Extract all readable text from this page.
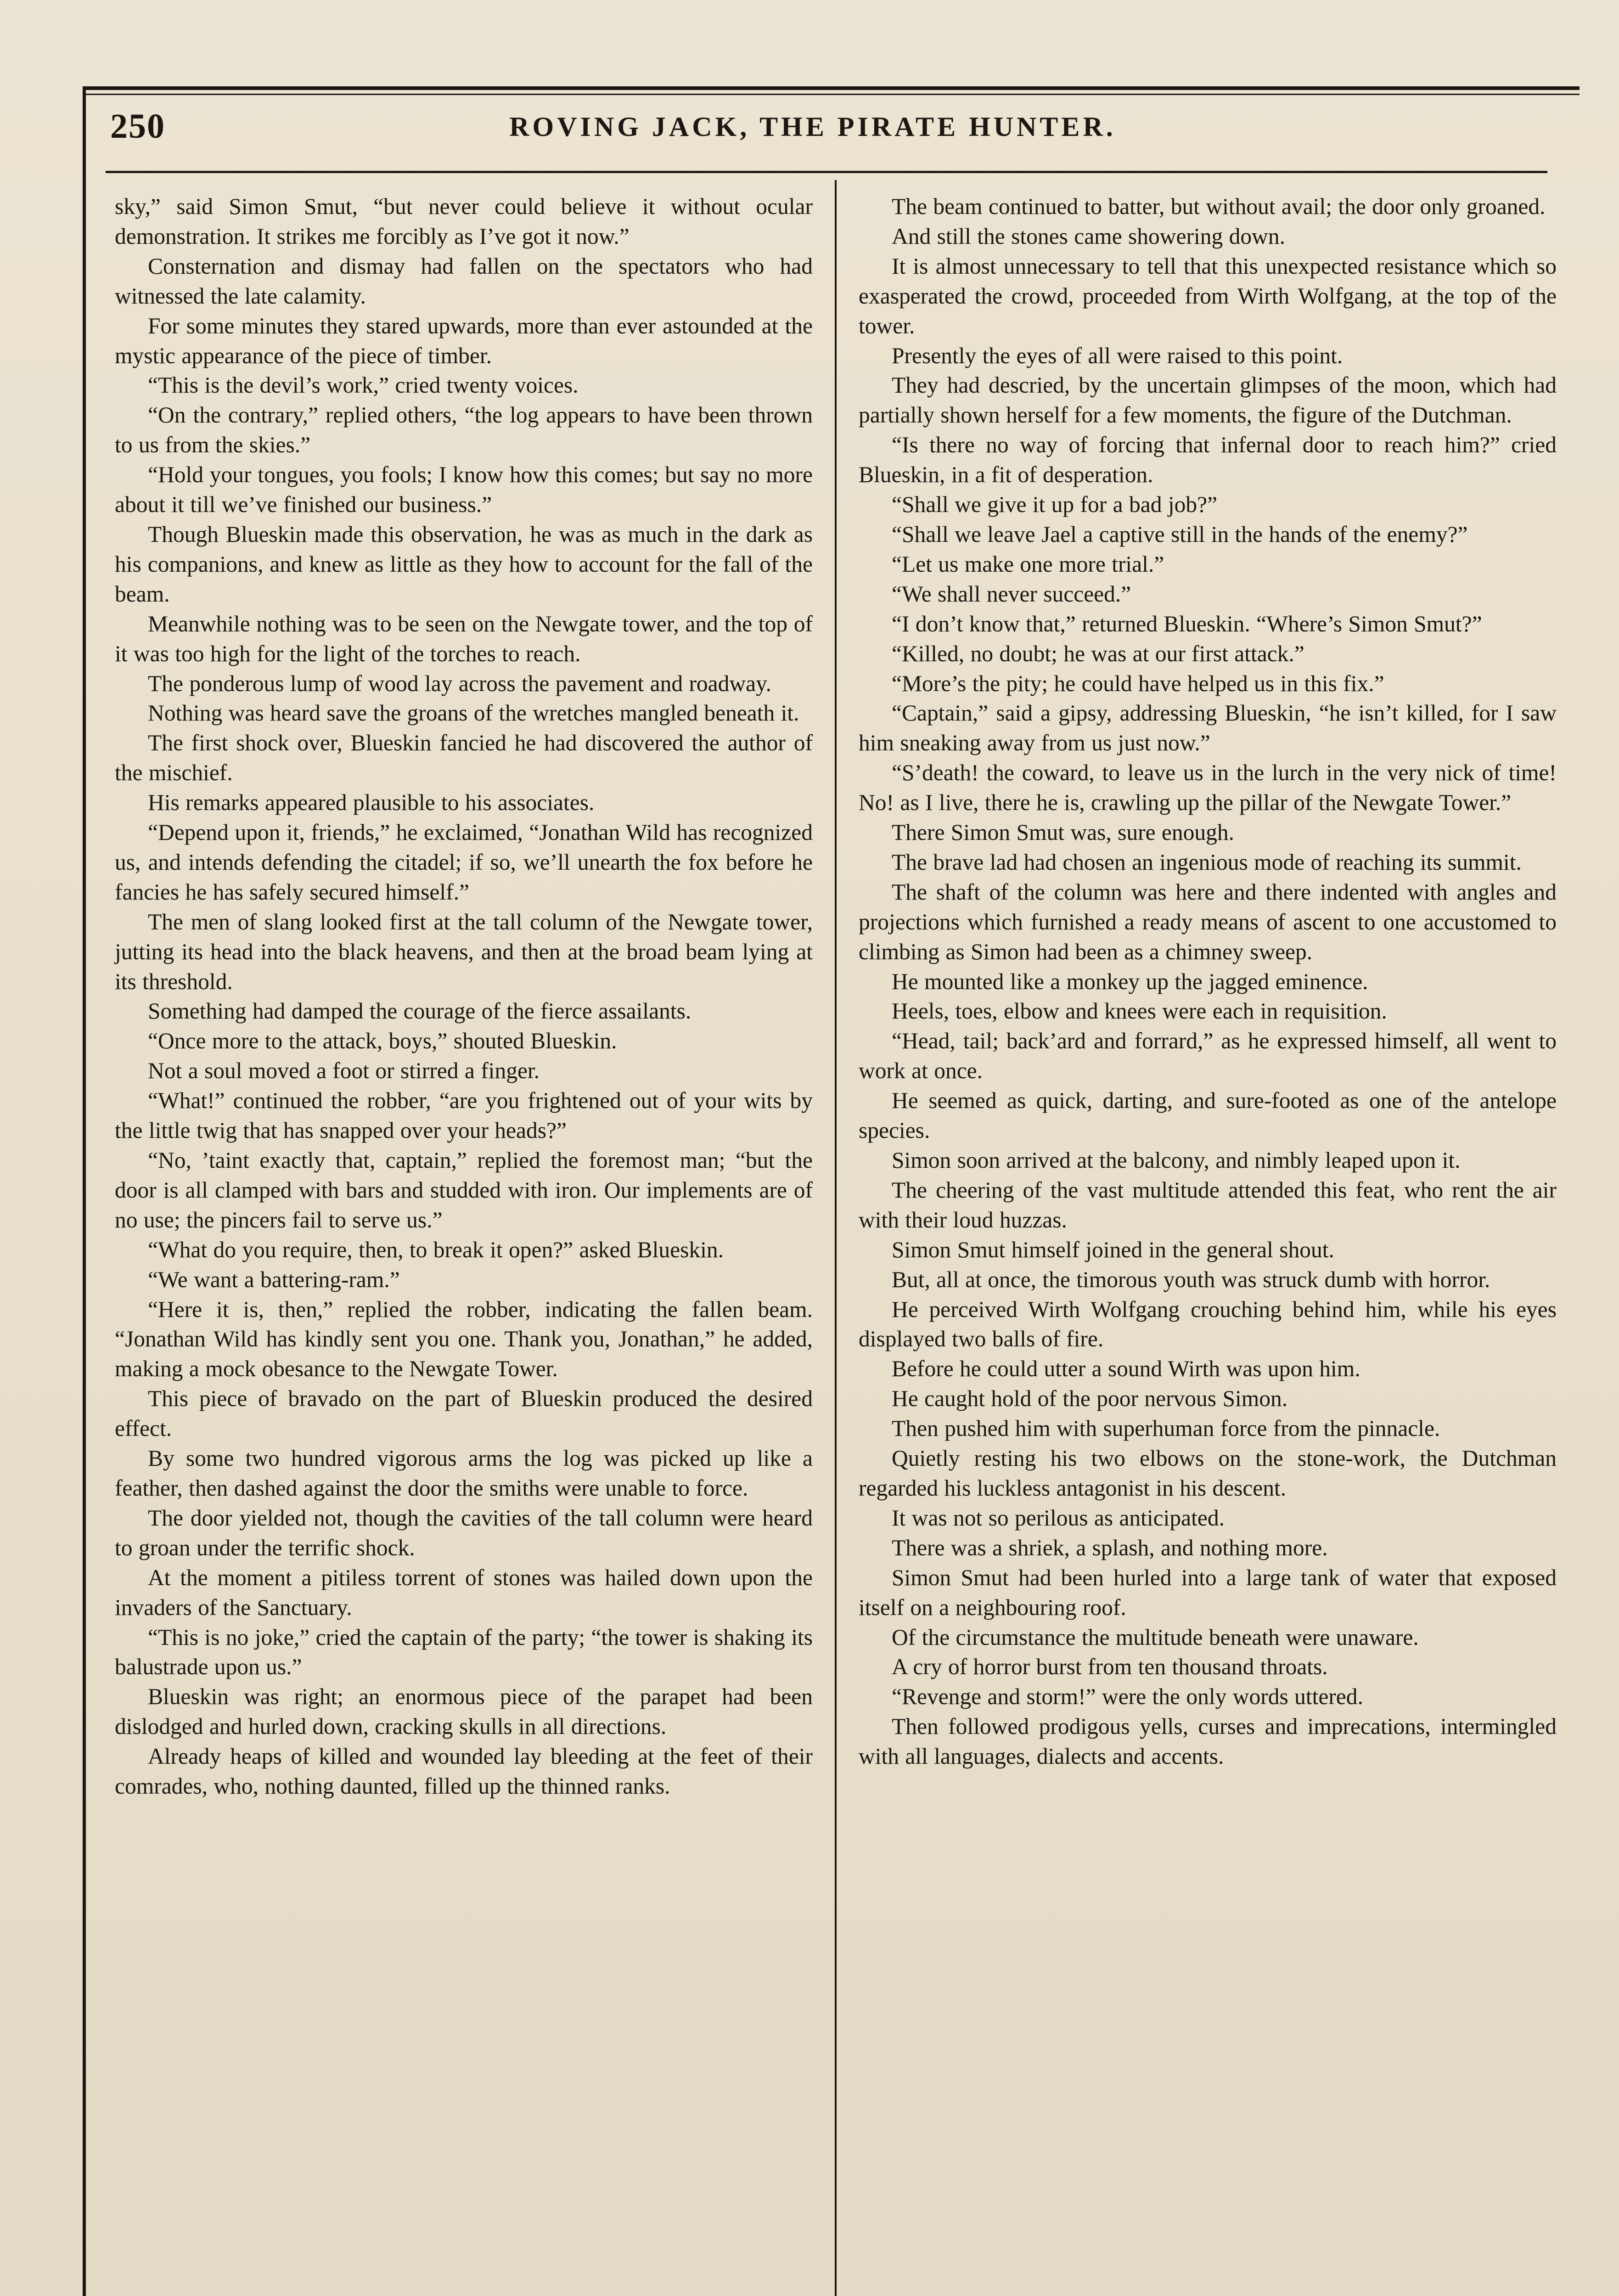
250	ROVING JACK, THE PIRATE HUNTER.

sky,” said Simon Smut, “but never could believe it without ocular demonstration. It strikes me forcibly as I’ve got it now.”

Consternation and dismay had fallen on the spectators who had witnessed the late calamity.

For some minutes they stared upwards, more than ever astounded at the mystic appearance of the piece of timber.

“This is the devil’s work,” cried twenty voices.

“On the contrary,” replied others, “the log appears to have been thrown to us from the skies.”

“Hold your tongues, you fools; I know how this comes; but say no more about it till we’ve finished our business.”

Though Blueskin made this observation, he was as much in the dark as his companions, and knew as little as they how to account for the fall of the beam.

Meanwhile nothing was to be seen on the Newgate tower, and the top of it was too high for the light of the torches to reach.

The ponderous lump of wood lay across the pavement and roadway.

Nothing was heard save the groans of the wretches mangled beneath it.

The first shock over, Blueskin fancied he had discovered the author of the mischief.

His remarks appeared plausible to his associates.

“Depend upon it, friends,” he exclaimed, “Jonathan Wild has recognized us, and intends defending the citadel; if so, we’ll unearth the fox before he fancies he has safely secured himself.”

The men of slang looked first at the tall column of the Newgate tower, jutting its head into the black heavens, and then at the broad beam lying at its threshold.

Something had damped the courage of the fierce assailants.

“Once more to the attack, boys,” shouted Blueskin.

Not a soul moved a foot or stirred a finger.

“What!” continued the robber, “are you frightened out of your wits by the little twig that has snapped over your heads?”

“No, ’taint exactly that, captain,” replied the foremost man; “but the door is all clamped with bars and studded with iron. Our implements are of no use; the pincers fail to serve us.”

“What do you require, then, to break it open?” asked Blueskin.

“We want a battering-ram.”

“Here it is, then,” replied the robber, indicating the fallen beam. “Jonathan Wild has kindly sent you one. Thank you, Jonathan,” he added, making a mock obesance to the Newgate Tower.

This piece of bravado on the part of Blueskin produced the desired effect.

By some two hundred vigorous arms the log was picked up like a feather, then dashed against the door the smiths were unable to force.

The door yielded not, though the cavities of the tall column were heard to groan under the terrific shock.

At the moment a pitiless torrent of stones was hailed down upon the invaders of the Sanctuary.

“This is no joke,” cried the captain of the party; “the tower is shaking its balustrade upon us.”

Blueskin was right; an enormous piece of the parapet had been dislodged and hurled down, cracking skulls in all directions.

Already heaps of killed and wounded lay bleeding at the feet of their comrades, who, nothing daunted, filled up the thinned ranks.

The beam continued to batter, but without avail; the door only groaned.

And still the stones came showering down.

It is almost unnecessary to tell that this unexpected resistance which so exasperated the crowd, proceeded from Wirth Wolfgang, at the top of the tower.

Presently the eyes of all were raised to this point.

They had descried, by the uncertain glimpses of the moon, which had partially shown herself for a few moments, the figure of the Dutchman.

“Is there no way of forcing that infernal door to reach him?” cried Blueskin, in a fit of desperation.

“Shall we give it up for a bad job?”

“Shall we leave Jael a captive still in the hands of the enemy?”

“Let us make one more trial.”

“We shall never succeed.”

“I don’t know that,” returned Blueskin. “Where’s Simon Smut?”

“Killed, no doubt; he was at our first attack.”

“More’s the pity; he could have helped us in this fix.”

“Captain,” said a gipsy, addressing Blueskin, “he isn’t killed, for I saw him sneaking away from us just now.”

“S’death! the coward, to leave us in the lurch in the very nick of time! No! as I live, there he is, crawling up the pillar of the Newgate Tower.”

There Simon Smut was, sure enough.

The brave lad had chosen an ingenious mode of reaching its summit.

The shaft of the column was here and there indented with angles and projections which furnished a ready means of ascent to one accustomed to climbing as Simon had been as a chimney sweep.

He mounted like a monkey up the jagged eminence.

Heels, toes, elbow and knees were each in requisition.

“Head, tail; back’ard and forrard,” as he expressed himself, all went to work at once.

He seemed as quick, darting, and sure-footed as one of the antelope species.

Simon soon arrived at the balcony, and nimbly leaped upon it.

The cheering of the vast multitude attended this feat, who rent the air with their loud huzzas.

Simon Smut himself joined in the general shout.

But, all at once, the timorous youth was struck dumb with horror.

He perceived Wirth Wolfgang crouching behind him, while his eyes displayed two balls of fire.

Before he could utter a sound Wirth was upon him.

He caught hold of the poor nervous Simon.

Then pushed him with superhuman force from the pinnacle.

Quietly resting his two elbows on the stone-work, the Dutchman regarded his luckless antagonist in his descent.

It was not so perilous as anticipated.

There was a shriek, a splash, and nothing more.

Simon Smut had been hurled into a large tank of water that exposed itself on a neighbouring roof.

Of the circumstance the multitude beneath were unaware.

A cry of horror burst from ten thousand throats.

“Revenge and storm!” were the only words uttered.

Then followed prodigous yells, curses and imprecations, intermingled with all languages, dialects and accents.
